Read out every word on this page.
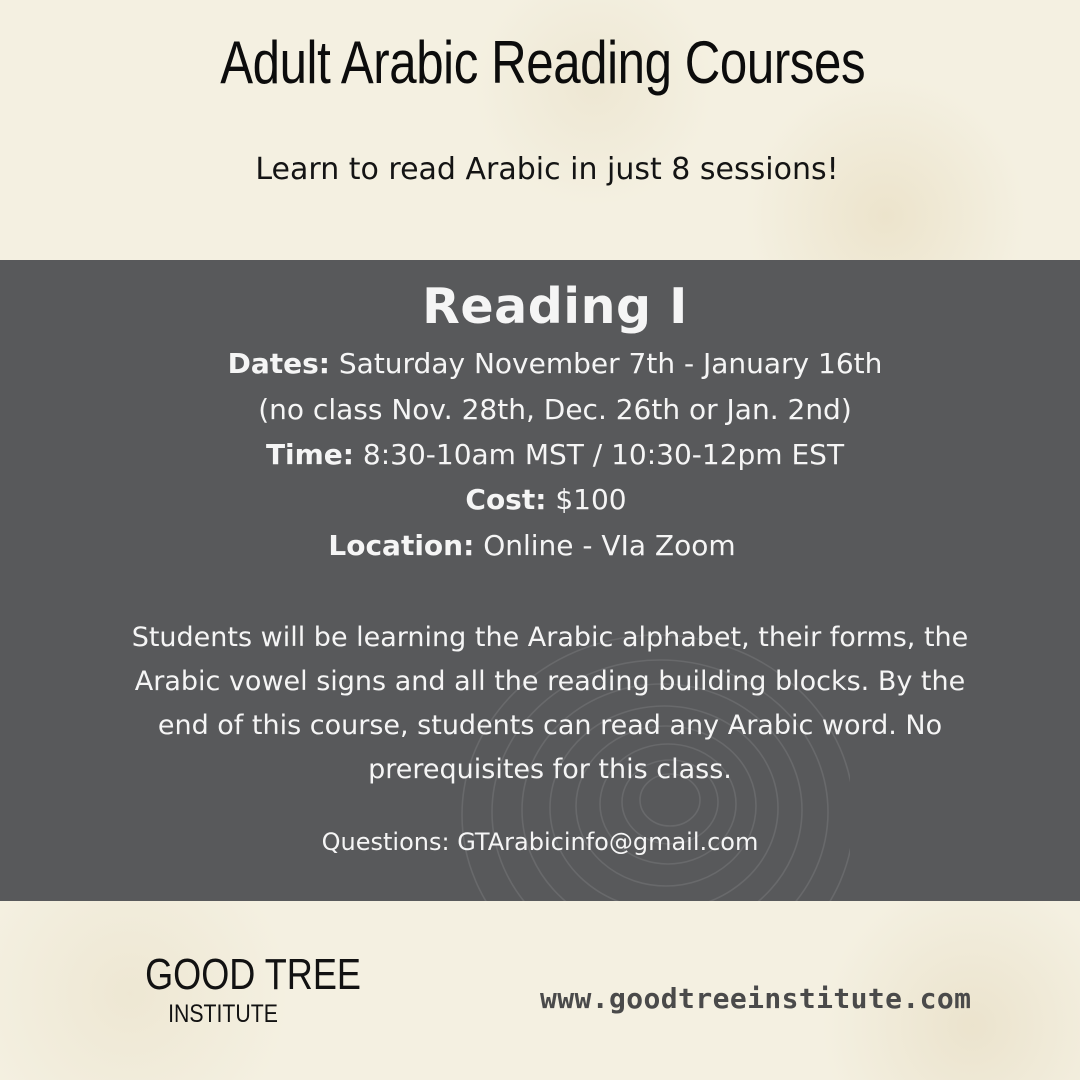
Adult Arabic Reading Courses

Learn to read Arabic in just 8 sessions!

Reading I

Dates: Saturday November 7th - January 16th

(no class Nov. 28th, Dec. 26th or Jan. 2nd)

Time: 8:30-10am MST / 10:30-12pm EST

Cost: $100

Location: Online - VIa Zoom

Students will be learning the Arabic alphabet, their forms, the Arabic vowel signs and all the reading building blocks. By the end of this course, students can read any Arabic word. No prerequisites for this class.

Questions: GTArabicinfo@gmail.com

GOOD TREE
INSTITUTE	www.goodtreeinstitute.com
